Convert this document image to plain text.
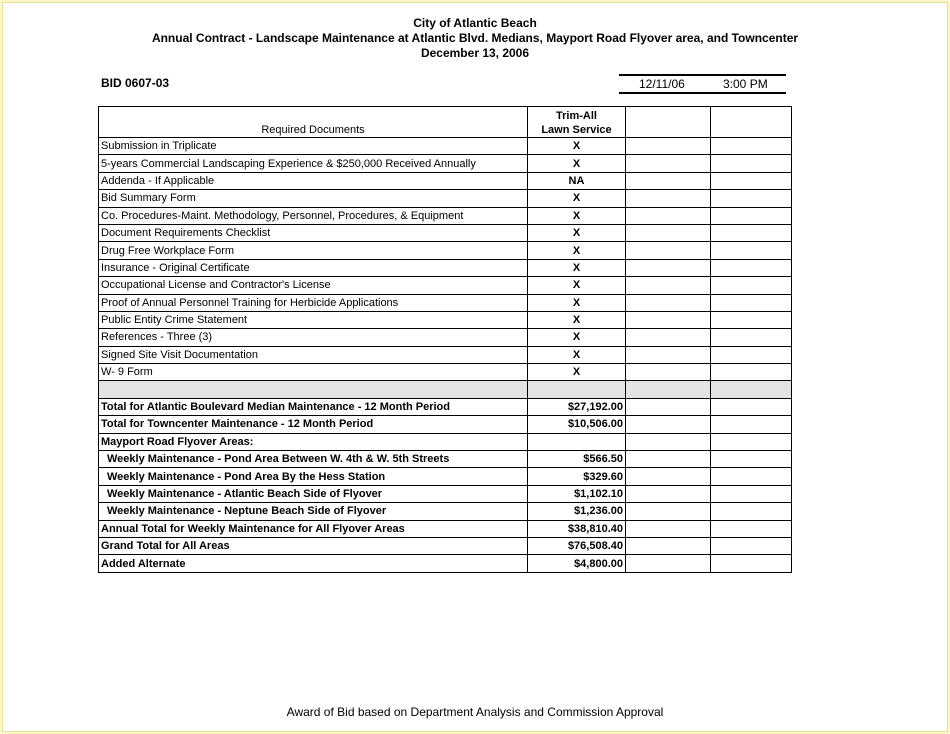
City of Atlantic Beach
Annual Contract - Landscape Maintenance at Atlantic Blvd. Medians, Mayport Road Flyover area, and Towncenter
December 13, 2006
BID 0607-03	12/11/06	3:00 PM
Required Documents	Trim-All
Lawn Service		

Submission in Triplicate	X		
5-years Commercial Landscaping Experience & $250,000 Received Annually	X		
Addenda - If Applicable	NA		
Bid Summary Form	X		
Co. Procedures-Maint. Methodology, Personnel, Procedures, & Equipment	X		
Document Requirements Checklist	X		
Drug Free Workplace Form	X		
Insurance - Original Certificate	X		
Occupational License and Contractor's License	X		
Proof of Annual Personnel Training for Herbicide Applications	X		
Public Entity Crime Statement	X		
References - Three (3)	X		
Signed Site Visit Documentation	X		
W- 9 Form	X		

Total for Atlantic Boulevard Median Maintenance - 12 Month Period	$27,192.00		
Total for Towncenter Maintenance - 12 Month Period	$10,506.00		
Mayport Road Flyover Areas:			
Weekly Maintenance - Pond Area Between W. 4th & W. 5th Streets	$566.50		
Weekly Maintenance - Pond Area By the Hess Station	$329.60		
Weekly Maintenance - Atlantic Beach Side of Flyover	$1,102.10		
Weekly Maintenance - Neptune Beach Side of Flyover	$1,236.00		
Annual Total for Weekly Maintenance for All Flyover Areas	$38,810.40		
Grand Total for All Areas	$76,508.40		
Added Alternate	$4,800.00		
Award of Bid based on Department Analysis and Commission Approval
